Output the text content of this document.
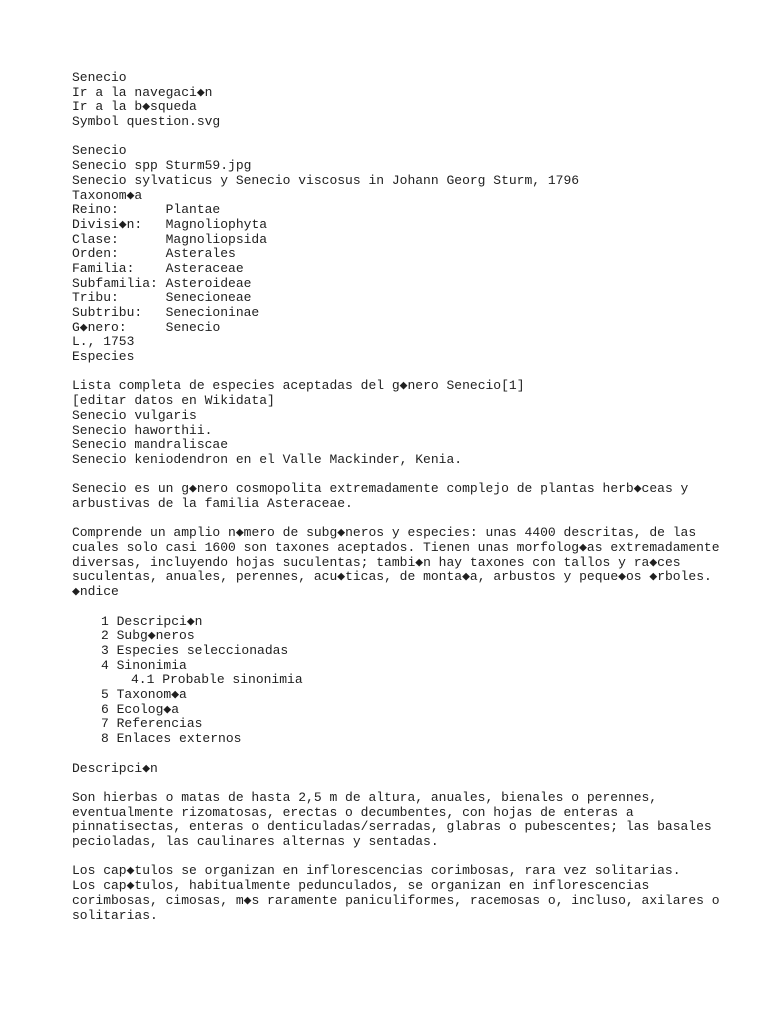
Senecio
Ir a la navegaci◆n
Ir a la b◆squeda
Symbol question.svg
Senecio
Senecio spp Sturm59.jpg
Senecio sylvaticus y Senecio viscosus in Johann Georg Sturm, 1796
Taxonom◆a
Reino:      Plantae
Divisi◆n:   Magnoliophyta
Clase:      Magnoliopsida
Orden:      Asterales
Familia:    Asteraceae
Subfamilia: Asteroideae
Tribu:      Senecioneae
Subtribu:   Senecioninae
G◆nero:     Senecio
L., 1753
Especies
Lista completa de especies aceptadas del g◆nero Senecio[1]
[editar datos en Wikidata]
Senecio vulgaris
Senecio haworthii.
Senecio mandraliscae
Senecio keniodendron en el Valle Mackinder, Kenia.
Senecio es un g◆nero cosmopolita extremadamente complejo de plantas herb◆ceas y
arbustivas de la familia Asteraceae.
Comprende un amplio n◆mero de subg◆neros y especies: unas 4400 descritas, de las
cuales solo casi 1600 son taxones aceptados. Tienen unas morfolog◆as extremadamente
diversas, incluyendo hojas suculentas; tambi◆n hay taxones con tallos y ra◆ces
suculentas, anuales, perennes, acu◆ticas, de monta◆a, arbustos y peque◆os ◆rboles.
◆ndice
1 Descripci◆n
2 Subg◆neros
3 Especies seleccionadas
4 Sinonimia
4.1 Probable sinonimia
5 Taxonom◆a
6 Ecolog◆a
7 Referencias
8 Enlaces externos
Descripci◆n
Son hierbas o matas de hasta 2,5 m de altura, anuales, bienales o perennes,
eventualmente rizomatosas, erectas o decumbentes, con hojas de enteras a
pinnatisectas, enteras o denticuladas/serradas, glabras o pubescentes; las basales
pecioladas, las caulinares alternas y sentadas.
Los cap◆tulos se organizan en inflorescencias corimbosas, rara vez solitarias.
Los cap◆tulos, habitualmente pedunculados, se organizan en inflorescencias
corimbosas, cimosas, m◆s raramente paniculiformes, racemosas o, incluso, axilares o
solitarias.
